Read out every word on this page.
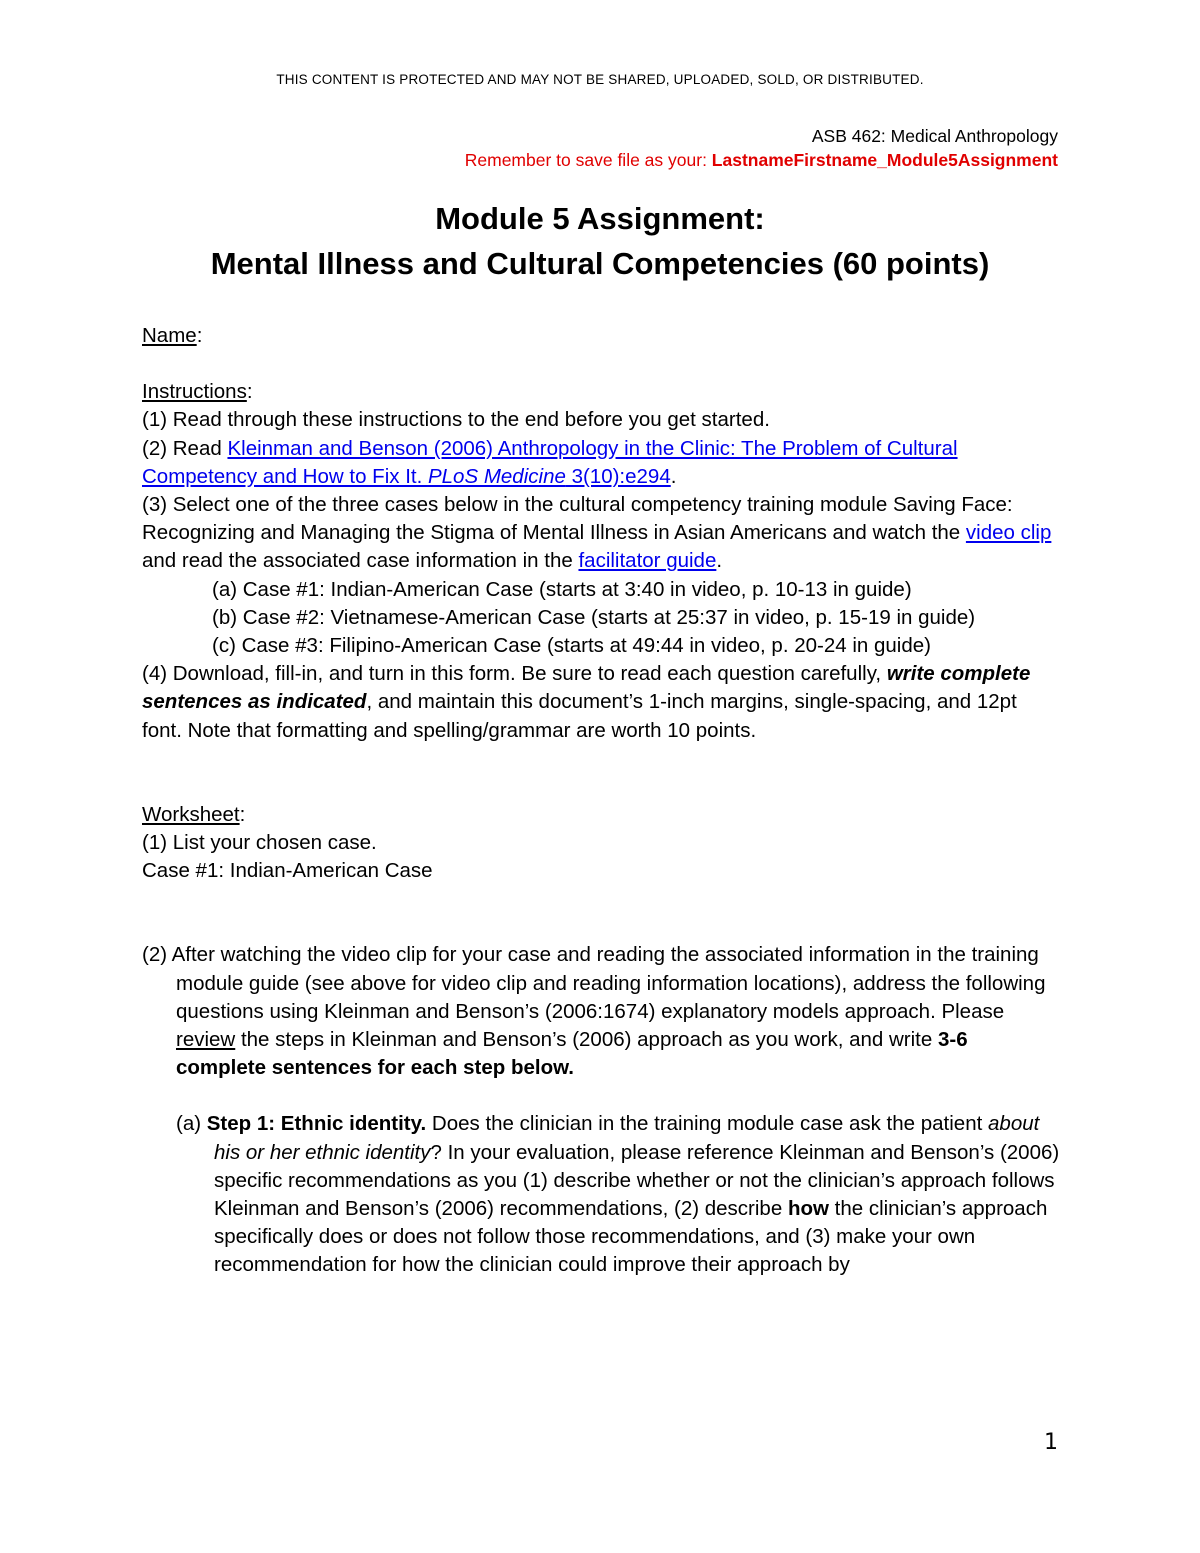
THIS CONTENT IS PROTECTED AND MAY NOT BE SHARED, UPLOADED, SOLD, OR DISTRIBUTED.
ASB 462: Medical Anthropology
Remember to save file as your: LastnameFirstname_Module5Assignment
Module 5 Assignment:
Mental Illness and Cultural Competencies (60 points)

Name:

Instructions:

(1) Read through these instructions to the end before you get started.

(2) Read Kleinman and Benson (2006) Anthropology in the Clinic: The Problem of Cultural Competency and How to Fix It. PLoS Medicine 3(10):e294.

(3) Select one of the three cases below in the cultural competency training module Saving Face: Recognizing and Managing the Stigma of Mental Illness in Asian Americans and watch the video clip and read the associated case information in the facilitator guide.

(a) Case #1: Indian-American Case (starts at 3:40 in video, p. 10-13 in guide)

(b) Case #2: Vietnamese-American Case (starts at 25:37 in video, p. 15-19 in guide)

(c) Case #3: Filipino-American Case (starts at 49:44 in video, p. 20-24 in guide)

(4) Download, fill-in, and turn in this form. Be sure to read each question carefully, write complete sentences as indicated, and maintain this document’s 1-inch margins, single-spacing, and 12pt font. Note that formatting and spelling/grammar are worth 10 points.

Worksheet:

(1) List your chosen case.

Case #1: Indian-American Case

(2) After watching the video clip for your case and reading the associated information in the training module guide (see above for video clip and reading information locations), address the following questions using Kleinman and Benson’s (2006:1674) explanatory models approach. Please review the steps in Kleinman and Benson’s (2006) approach as you work, and write 3-6 complete sentences for each step below.

(a) Step 1: Ethnic identity. Does the clinician in the training module case ask the patient about his or her ethnic identity? In your evaluation, please reference Kleinman and Benson’s (2006) specific recommendations as you (1) describe whether or not the clinician’s approach follows Kleinman and Benson’s (2006) recommendations, (2) describe how the clinician’s approach specifically does or does not follow those recommendations, and (3) make your own recommendation for how the clinician could improve their approach by

1
